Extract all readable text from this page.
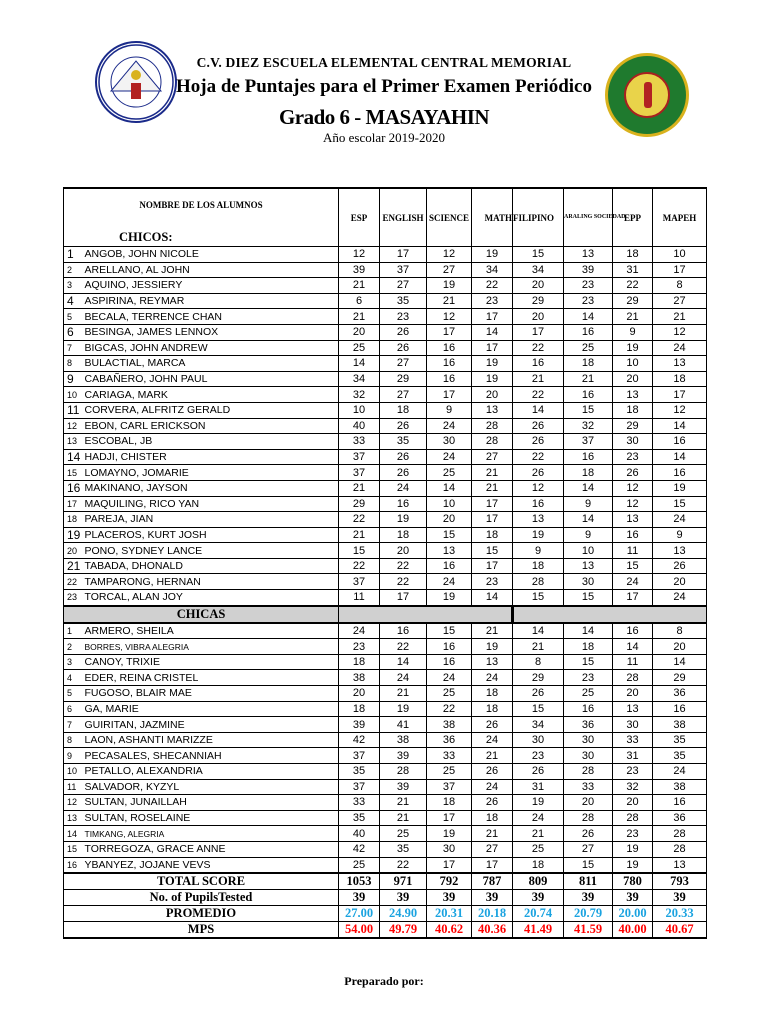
C.V. DIEZ ESCUELA ELEMENTAL CENTRAL MEMORIAL
Hoja de Puntajes para el Primer Examen Periódico
Grado 6 - MASAYAHIN
Año escolar 2019-2020
NOMBRE DE LOS ALUMNOS
CHICOS:		ESP	ENGLISH	SCIENCE	MATH	FILIPINO	ARALING SOCIEDAD	EPP	MAPEH
1	ANGOB, JOHN NICOLE	12	17	12	19	15	13	18	10
2	ARELLANO, AL JOHN	39	37	27	34	34	39	31	17
3	AQUINO, JESSIERY	21	27	19	22	20	23	22	8
4	ASPIRINA, REYMAR	6	35	21	23	29	23	29	27
5	BECALA, TERRENCE CHAN	21	23	12	17	20	14	21	21
6	BESINGA, JAMES LENNOX	20	26	17	14	17	16	9	12
7	BIGCAS, JOHN ANDREW	25	26	16	17	22	25	19	24
8	BULACTIAL, MARCA	14	27	16	19	16	18	10	13
9	CABAÑERO, JOHN PAUL	34	29	16	19	21	21	20	18
10	CARIAGA, MARK	32	27	17	20	22	16	13	17
11	CORVERA, ALFRITZ GERALD	10	18	9	13	14	15	18	12
12	EBON, CARL ERICKSON	40	26	24	28	26	32	29	14
13	ESCOBAL, JB	33	35	30	28	26	37	30	16
14	HADJI, CHISTER	37	26	24	27	22	16	23	14
15	LOMAYNO, JOMARIE	37	26	25	21	26	18	26	16
16	MAKINANO, JAYSON	21	24	14	21	12	14	12	19
17	MAQUILING, RICO YAN	29	16	10	17	16	9	12	15
18	PAREJA, JIAN	22	19	20	17	13	14	13	24
19	PLACEROS, KURT JOSH	21	18	15	18	19	9	16	9
20	PONO, SYDNEY LANCE	15	20	13	15	9	10	11	13
21	TABADA, DHONALD	22	22	16	17	18	13	15	26
22	TAMPARONG, HERNAN	37	22	24	23	28	30	24	20
23	TORCAL, ALAN JOY	11	17	19	14	15	15	17	24
CHICAS									
1	ARMERO, SHEILA	24	16	15	21	14	14	16	8
2	BORRES, VIBRA ALEGRIA	23	22	16	19	21	18	14	20
3	CANOY, TRIXIE	18	14	16	13	8	15	11	14
4	EDER, REINA CRISTEL	38	24	24	24	29	23	28	29
5	FUGOSO, BLAIR MAE	20	21	25	18	26	25	20	36
6	GA, MARIE	18	19	22	18	15	16	13	16
7	GUIRITAN, JAZMINE	39	41	38	26	34	36	30	38
8	LAON, ASHANTI MARIZZE	42	38	36	24	30	30	33	35
9	PECASALES, SHECANNIAH	37	39	33	21	23	30	31	35
10	PETALLO, ALEXANDRIA	35	28	25	26	26	28	23	24
11	SALVADOR, KYZYL	37	39	37	24	31	33	32	38
12	SULTAN, JUNAILLAH	33	21	18	26	19	20	20	16
13	SULTAN, ROSELAINE	35	21	17	18	24	28	28	36
14	TIMKANG, ALEGRIA	40	25	19	21	21	26	23	28
15	TORREGOZA, GRACE ANNE	42	35	30	27	25	27	19	28
16	YBANYEZ, JOJANE VEVS	25	22	17	17	18	15	19	13
TOTAL SCORE		1053	971	792	787	809	811	780	793
No. of PupilsTested		39	39	39	39	39	39	39	39
PROMEDIO		27.00	24.90	20.31	20.18	20.74	20.79	20.00	20.33
MPS		54.00	49.79	40.62	40.36	41.49	41.59	40.00	40.67
Preparado por:
